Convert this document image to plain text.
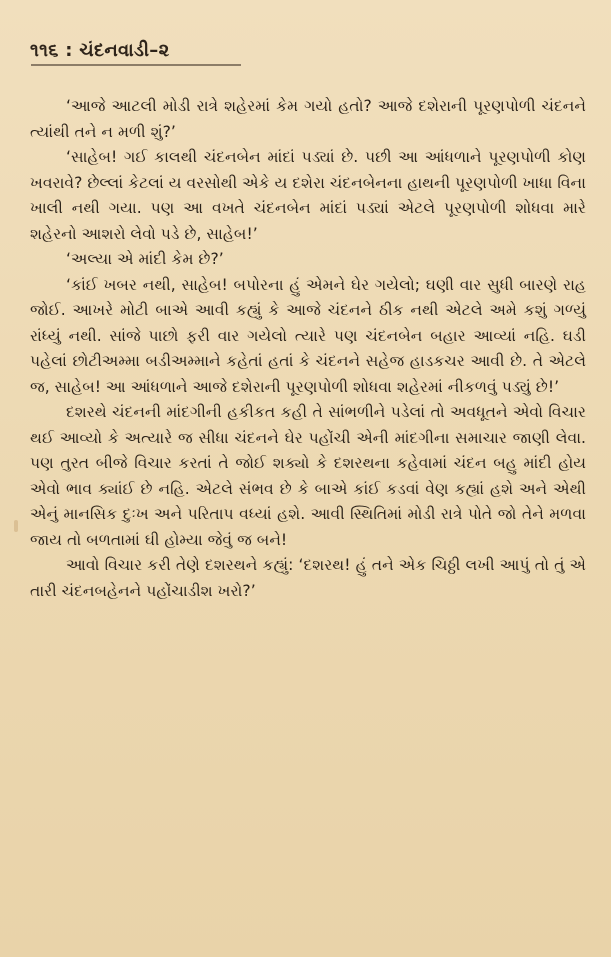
૧૧૬ : ચંદનવાડી–૨

‘આજે આટલી મોડી રાત્રે શહેરમાં કેમ ગયો હતો? આજે દશેરાની પૂરણપોળી ચંદનને ત્યાંથી તને ન મળી શું?’

‘સાહેબ! ગઈ કાલથી ચંદનબેન માંદાં પડ્યાં છે. પછી આ આંધળાને પૂરણપોળી કોણ ખવરાવે? છેલ્લાં કેટલાં ય વરસોથી એકે ય દશેરા ચંદનબેનના હાથની પૂરણપોળી ખાધા વિના ખાલી નથી ગયા. પણ આ વખતે ચંદનબેન માંદાં પડ્યાં એટલે પૂરણપોળી શોધવા મારે શહેરનો આશરો લેવો પડે છે, સાહેબ!’

‘અલ્યા એ માંદી કેમ છે?’

‘કાંઈ ખબર નથી, સાહેબ! બપોરના હું એમને ઘેર ગયેલો; ઘણી વાર સુધી બારણે રાહ જોઈ. આખરે મોટી બાએ આવી કહ્યું કે આજે ચંદનને ઠીક નથી એટલે અમે કશું ગળ્યું રાંધ્યું નથી. સાંજે પાછો ફરી વાર ગયેલો ત્યારે પણ ચંદનબેન બહાર આવ્યાં નહિ. ઘડી પહેલાં છોટીઅમ્મા બડીઅમ્માને કહેતાં હતાં કે ચંદનને સહેજ હાડકચર આવી છે. તે એટલે જ, સાહેબ! આ આંધળાને આજે દશેરાની પૂરણપોળી શોધવા શહેરમાં નીકળવું પડ્યું છે!’

દશરથે ચંદનની માંદગીની હકીકત કહી તે સાંભળીને પડેલાં તો અવધૂતને એવો વિચાર થઈ આવ્યો કે અત્યારે જ સીધા ચંદનને ઘેર પહોંચી એની માંદગીના સમાચાર જાણી લેવા. પણ તુરત બીજે વિચાર કરતાં તે જોઈ શક્યો કે દશરથના કહેવામાં ચંદન બહુ માંદી હોય એવો ભાવ ક્યાંઈ છે નહિ. એટલે સંભવ છે કે બાએ કાંઈ કડવાં વેણ કહ્યાં હશે અને એથી એનું માનસિક દુઃખ અને પરિતાપ વધ્યાં હશે. આવી સ્થિતિમાં મોડી રાત્રે પોતે જો તેને મળવા જાય તો બળતામાં ઘી હોમ્યા જેવું જ બને!

આવો વિચાર કરી તેણે દશરથને કહ્યું: ‘દશરથ! હું તને એક ચિઠ્ઠી લખી આપું તો તું એ તારી ચંદનબહેનને પહોંચાડીશ ખરો?’
